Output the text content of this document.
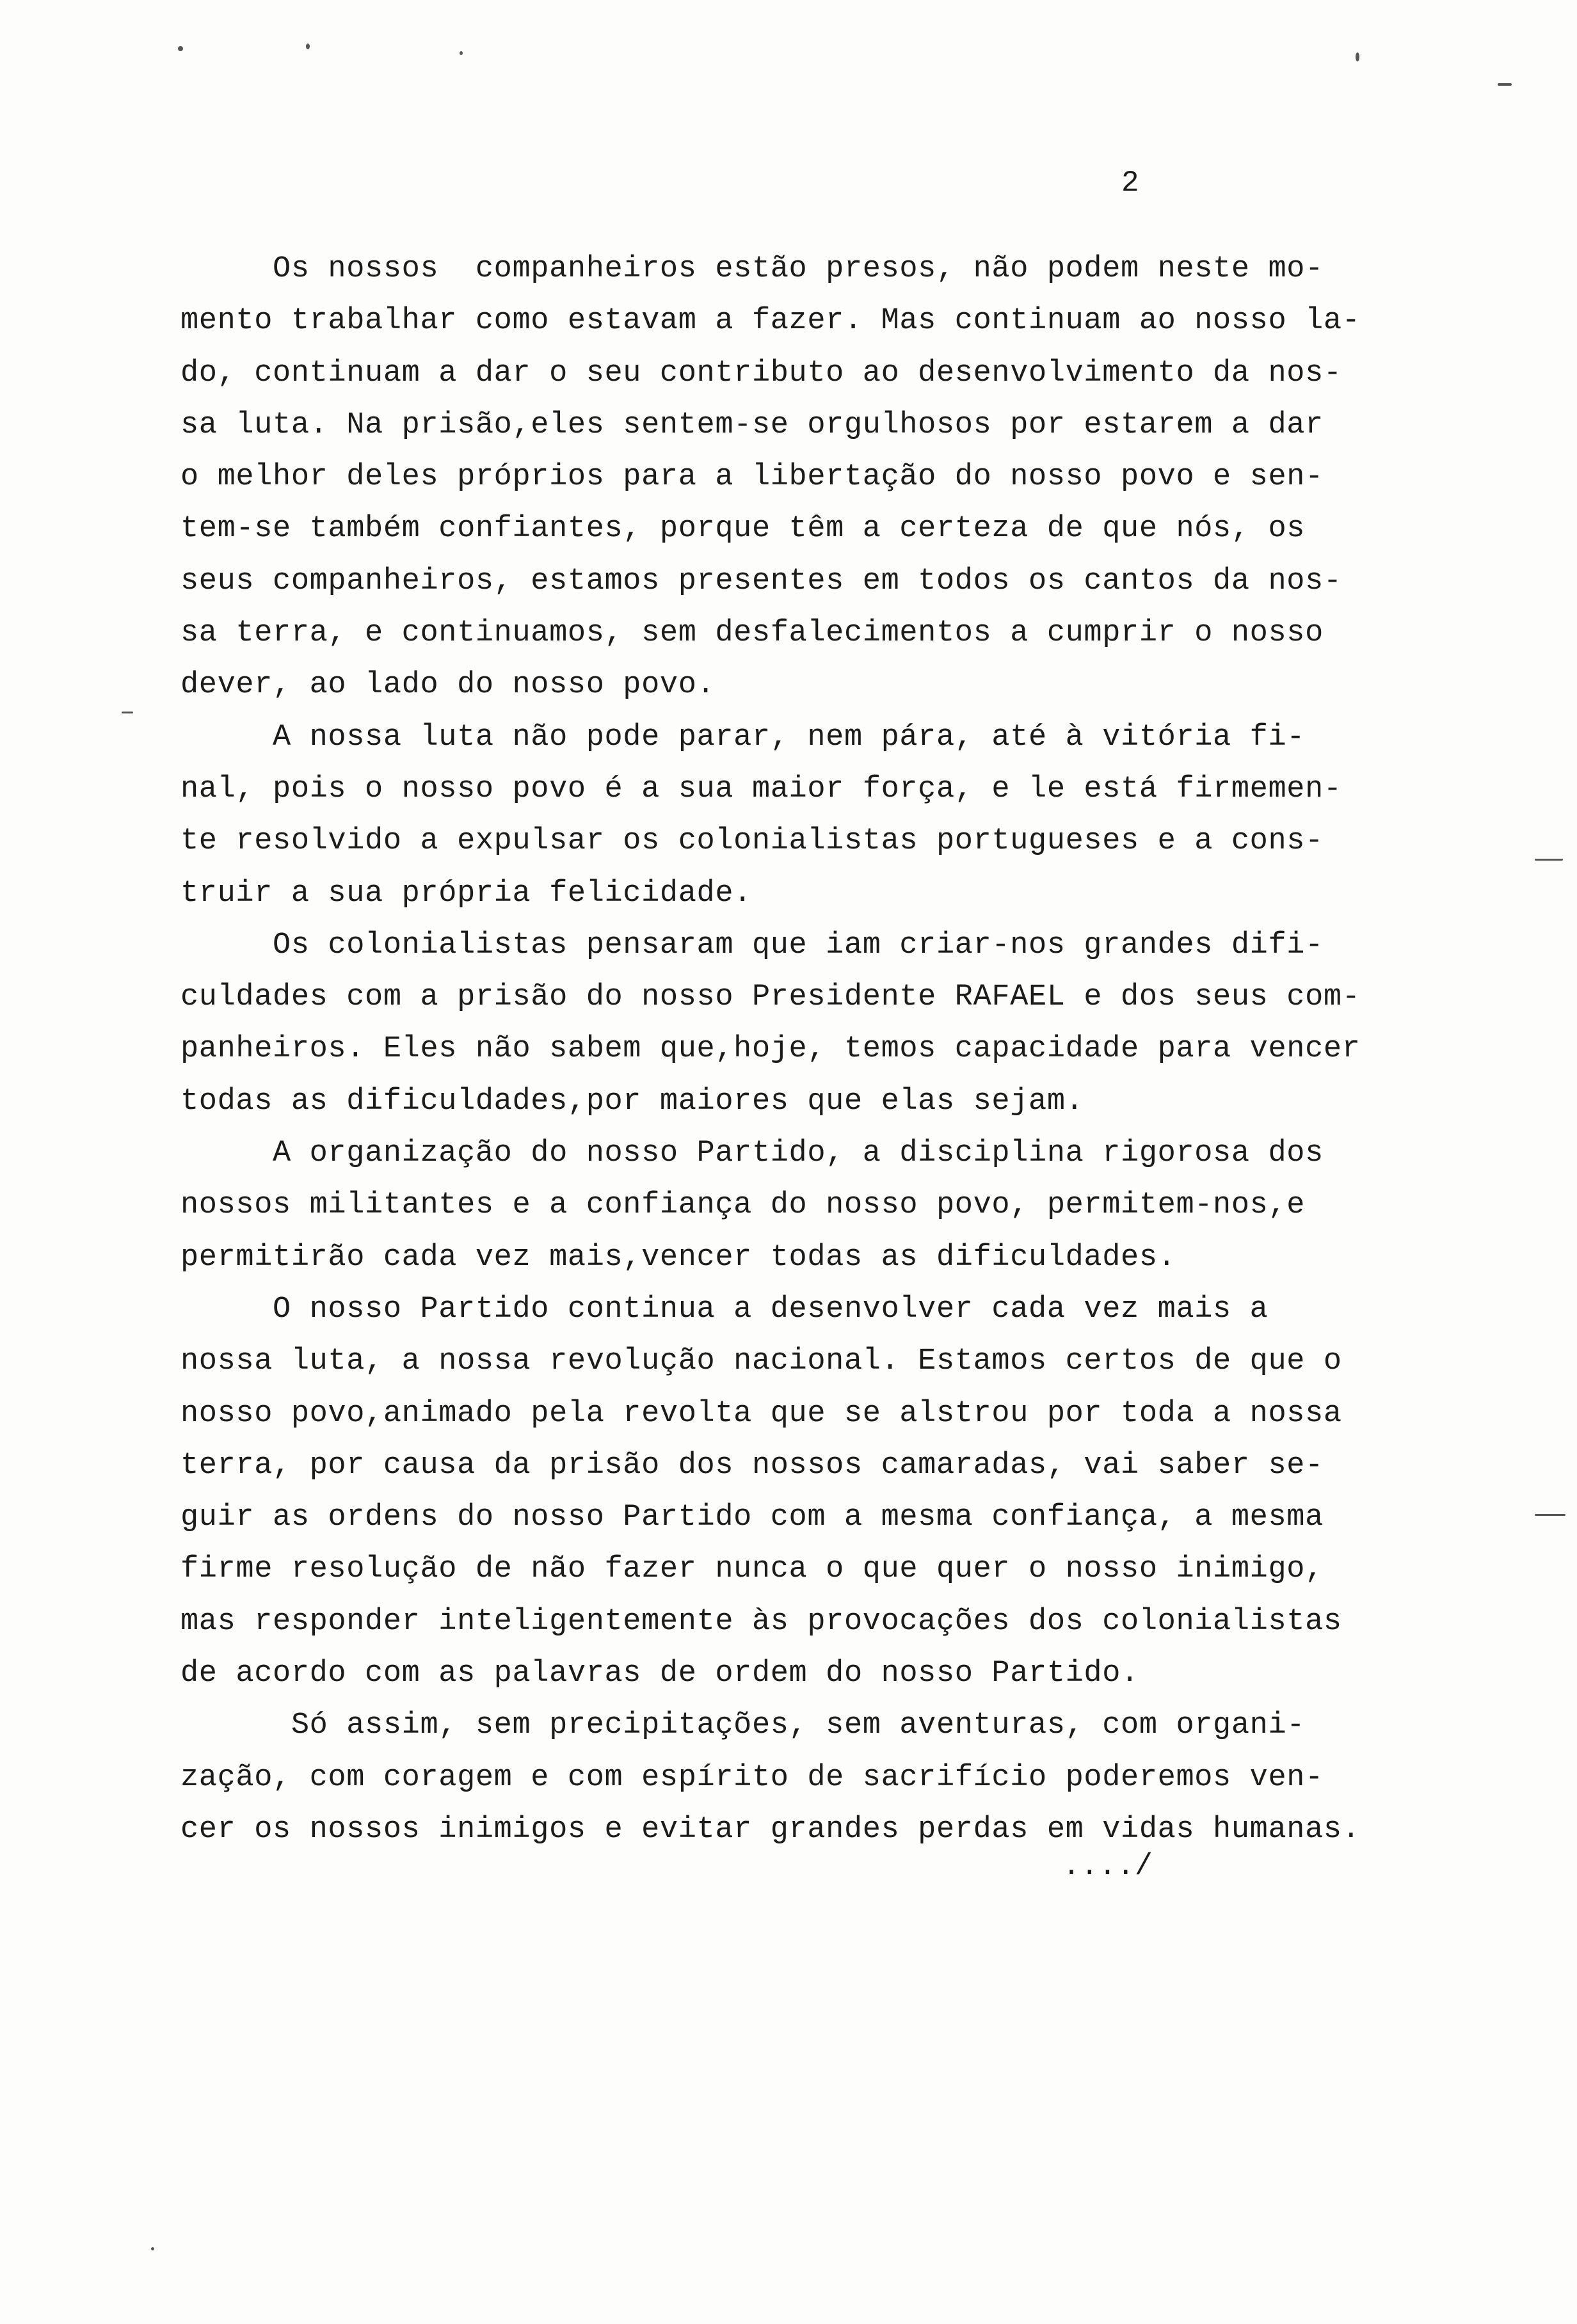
2
Os nossos  companheiros estão presos, não podem neste mo-
mento trabalhar como estavam a fazer. Mas continuam ao nosso la-
do, continuam a dar o seu contributo ao desenvolvimento da nos-
sa luta. Na prisão,eles sentem-se orgulhosos por estarem a dar
o melhor deles próprios para a libertação do nosso povo e sen-
tem-se também confiantes, porque têm a certeza de que nós, os
seus companheiros, estamos presentes em todos os cantos da nos-
sa terra, e continuamos, sem desfalecimentos a cumprir o nosso
dever, ao lado do nosso povo.
A nossa luta não pode parar, nem pára, até à vitória fi-
nal, pois o nosso povo é a sua maior força, e le está firmemen-
te resolvido a expulsar os colonialistas portugueses e a cons-
truir a sua própria felicidade.
Os colonialistas pensaram que iam criar-nos grandes difi-
culdades com a prisão do nosso Presidente RAFAEL e dos seus com-
panheiros. Eles não sabem que,hoje, temos capacidade para vencer
todas as dificuldades,por maiores que elas sejam.
A organização do nosso Partido, a disciplina rigorosa dos
nossos militantes e a confiança do nosso povo, permitem-nos,e
permitirão cada vez mais,vencer todas as dificuldades.
O nosso Partido continua a desenvolver cada vez mais a
nossa luta, a nossa revolução nacional. Estamos certos de que o
nosso povo,animado pela revolta que se alstrou por toda a nossa
terra, por causa da prisão dos nossos camaradas, vai saber se-
guir as ordens do nosso Partido com a mesma confiança, a mesma
firme resolução de não fazer nunca o que quer o nosso inimigo,
mas responder inteligentemente às provocações dos colonialistas
de acordo com as palavras de ordem do nosso Partido.
Só assim, sem precipitações, sem aventuras, com organi-
zação, com coragem e com espírito de sacrifício poderemos ven-
cer os nossos inimigos e evitar grandes perdas em vidas humanas.
..../
